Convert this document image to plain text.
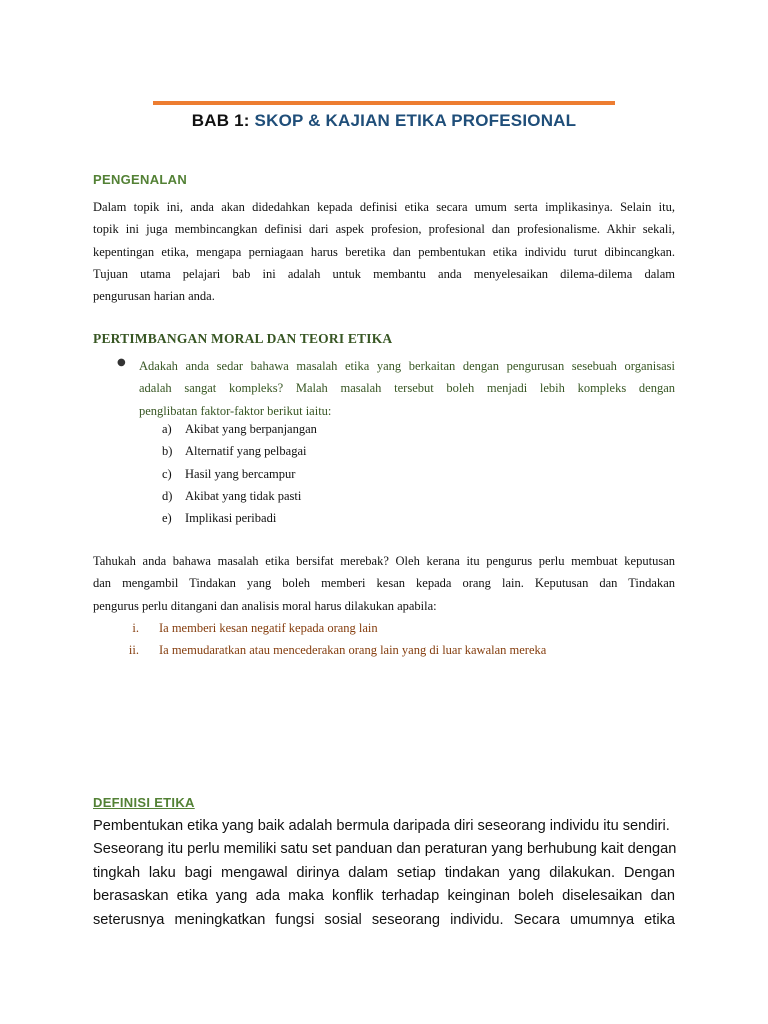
BAB 1: SKOP & KAJIAN ETIKA PROFESIONAL
PENGENALAN
Dalam topik ini, anda akan didedahkan kepada definisi etika secara umum serta implikasinya. Selain itu,
topik ini juga membincangkan definisi dari aspek profesion, profesional dan profesionalisme. Akhir sekali,
kepentingan etika, mengapa perniagaan harus beretika dan pembentukan etika individu turut dibincangkan.
Tujuan utama pelajari bab ini adalah untuk membantu anda menyelesaikan dilema-dilema dalam
pengurusan harian anda.
PERTIMBANGAN MORAL DAN TEORI ETIKA
● Adakah anda sedar bahawa masalah etika yang berkaitan dengan pengurusan sesebuah organisasi
adalah sangat kompleks? Malah masalah tersebut boleh menjadi lebih kompleks dengan
penglibatan faktor-faktor berikut iaitu:
a) Akibat yang berpanjangan
b) Alternatif yang pelbagai
c) Hasil yang bercampur
d) Akibat yang tidak pasti
e) Implikasi peribadi
Tahukah anda bahawa masalah etika bersifat merebak? Oleh kerana itu pengurus perlu membuat keputusan
dan mengambil Tindakan yang boleh memberi kesan kepada orang lain. Keputusan dan Tindakan
pengurus perlu ditangani dan analisis moral harus dilakukan apabila:
i. Ia memberi kesan negatif kepada orang lain
ii. Ia memudaratkan atau mencederakan orang lain yang di luar kawalan mereka
DEFINISI ETIKA
Pembentukan etika yang baik adalah bermula daripada diri seseorang individu itu sendiri.
Seseorang itu perlu memiliki satu set panduan dan peraturan yang berhubung kait dengan
tingkah laku bagi mengawal dirinya dalam setiap tindakan yang dilakukan. Dengan
berasaskan etika yang ada maka konflik terhadap keinginan boleh diselesaikan dan
seterusnya meningkatkan fungsi sosial seseorang individu. Secara umumnya etika
